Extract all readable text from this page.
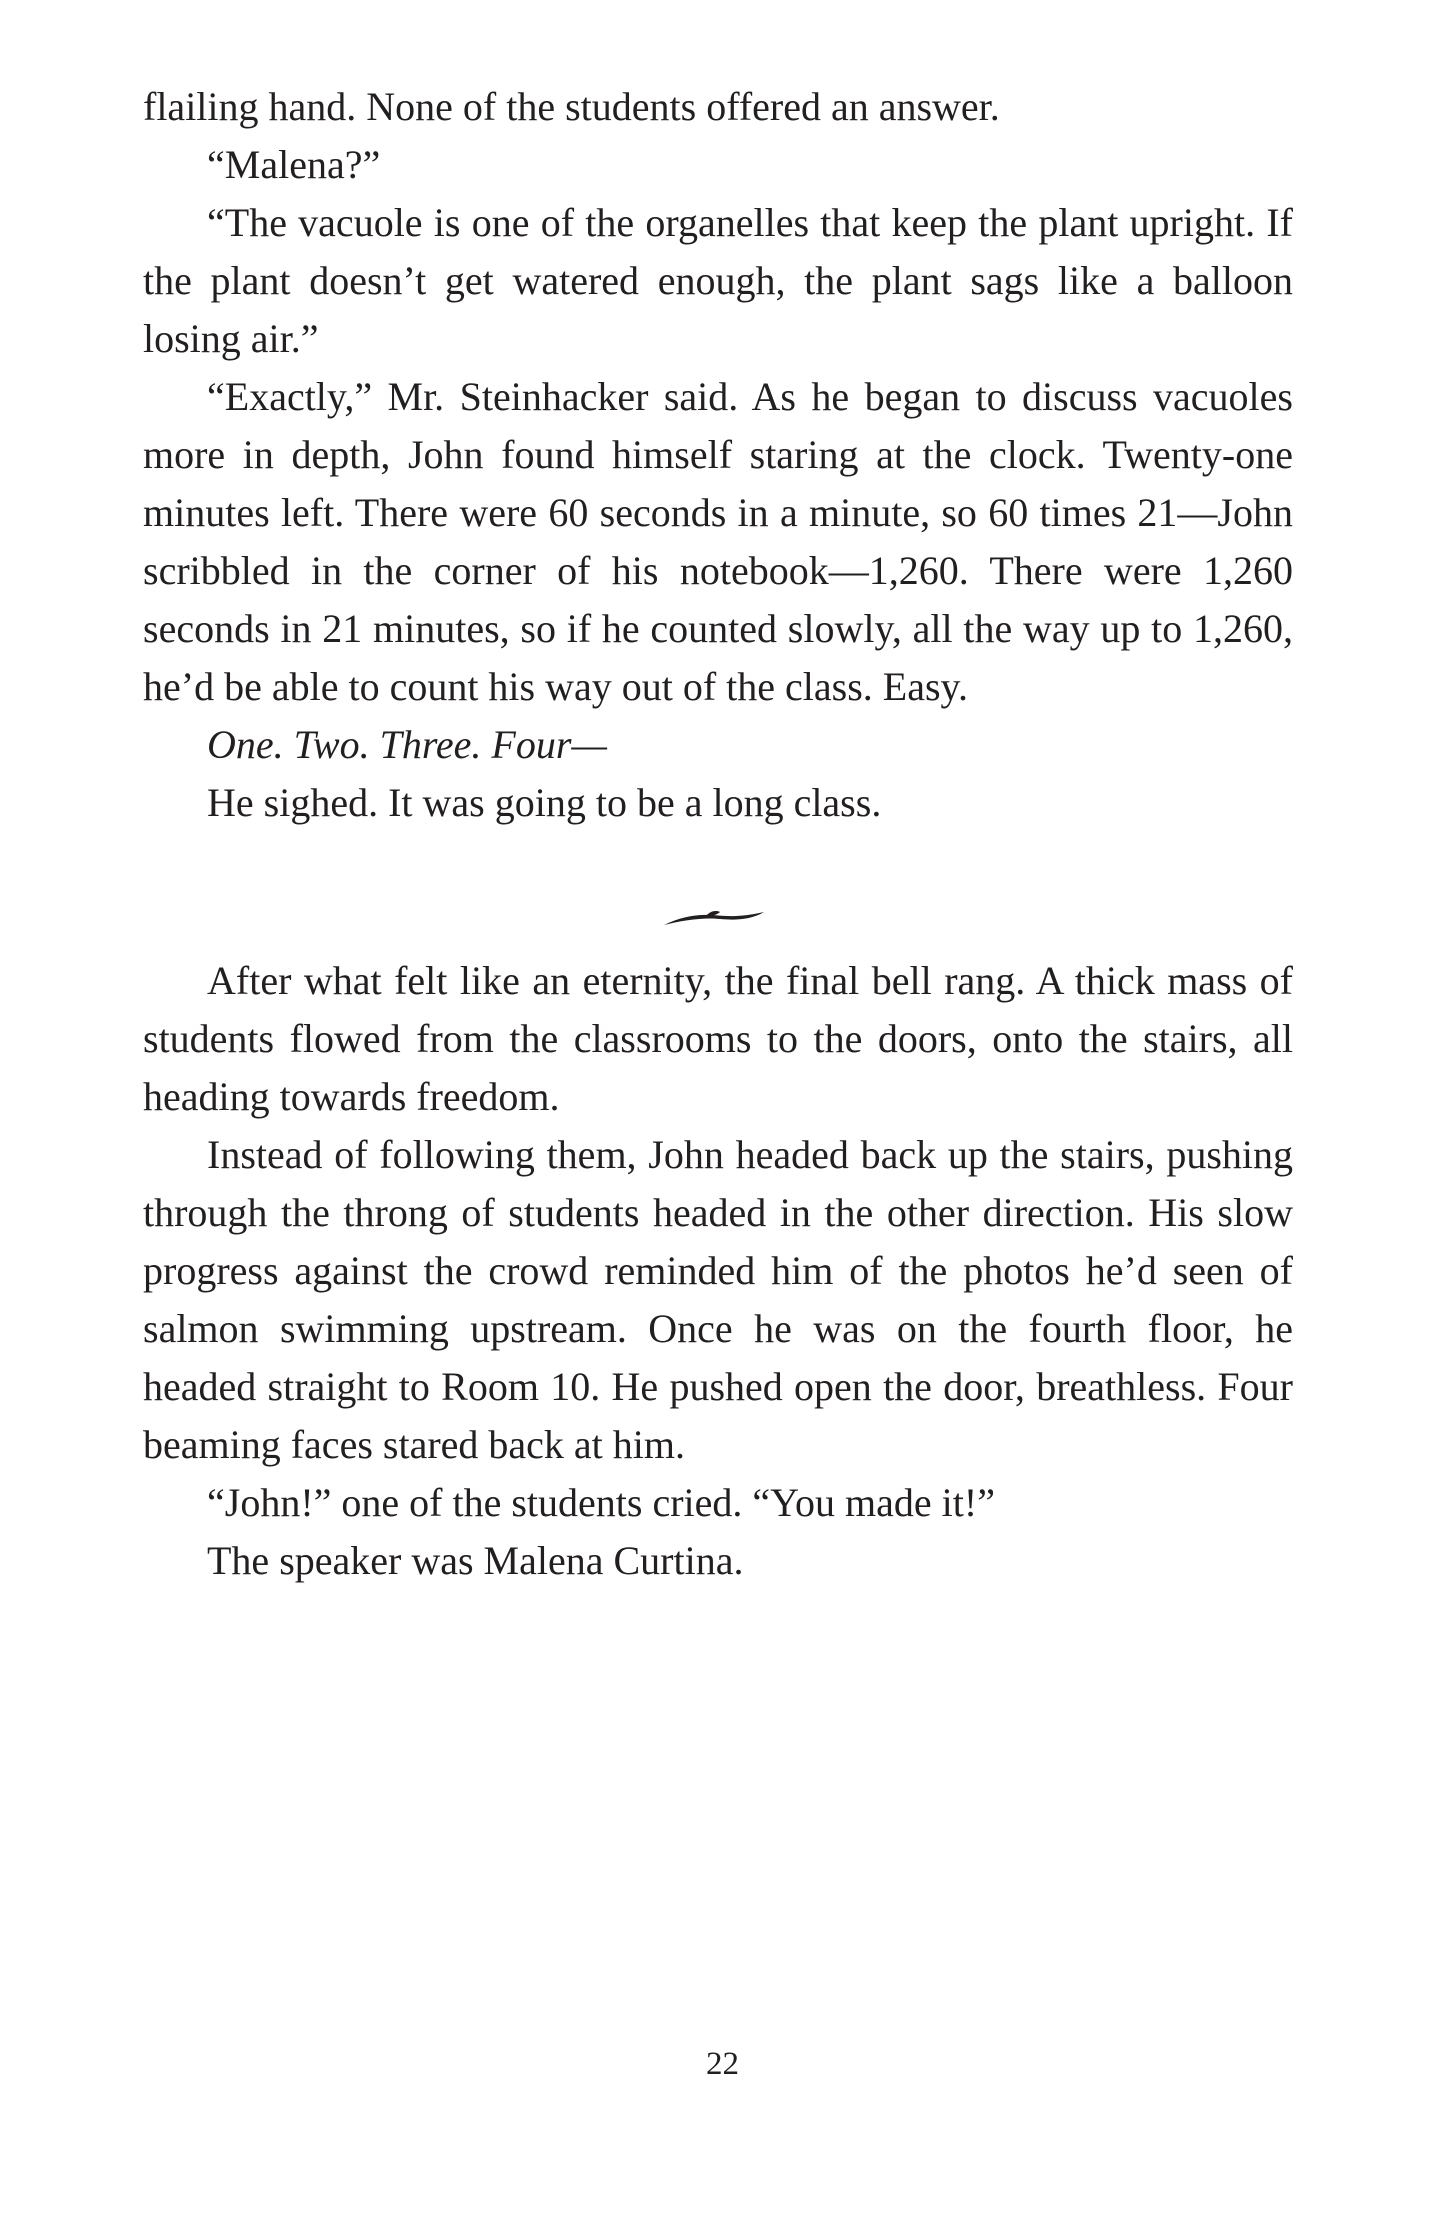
flailing hand. None of the students offered an answer.

“Malena?”

“The vacuole is one of the organelles that keep the plant upright. If the plant doesn’t get watered enough, the plant sags like a balloon losing air.”

“Exactly,” Mr. Steinhacker said. As he began to discuss vacuoles more in depth, John found himself staring at the clock. Twenty-one minutes left. There were 60 seconds in a minute, so 60 times 21—John scribbled in the corner of his notebook—1,260. There were 1,260 seconds in 21 minutes, so if he counted slowly, all the way up to 1,260, he’d be able to count his way out of the class. Easy.

One. Two. Three. Four—

He sighed. It was going to be a long class.

After what felt like an eternity, the final bell rang. A thick mass of students flowed from the classrooms to the doors, onto the stairs, all heading towards freedom.

Instead of following them, John headed back up the stairs, pushing through the throng of students headed in the other direction. His slow progress against the crowd reminded him of the photos he’d seen of salmon swimming upstream. Once he was on the fourth floor, he headed straight to Room 10. He pushed open the door, breathless. Four beaming faces stared back at him.

“John!” one of the students cried. “You made it!”

The speaker was Malena Curtina.

22
